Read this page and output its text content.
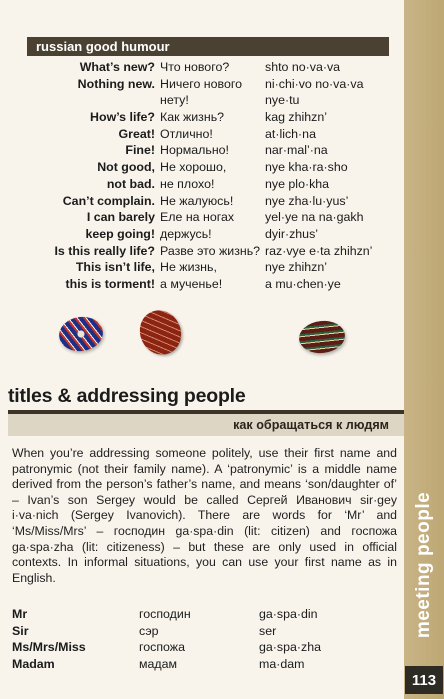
meeting people
113
russian good humour
What’s new? Что нового?	shto no·va·va
Nothing new. Ничего нового	ni·chi·vo no·va·va
нету!	nye·tu
How’s life? Как жизнь?	kag zhihzn’
Great! Отлично!	at·lich·na
Fine! Нормально!	nar·mal’·na
Not good, Не хорошо,	nye kha·ra·sho
not bad. не плохо!	nye plo·kha
Can’t complain. Не жалуюсь!	nye zha·lu·yus’
I can barely Еле на ногах	yel·ye na na·gakh
keep going! держусь!	dyir·zhus’
Is this really life? Разве это жизнь? raz·vye e·ta zhihzn’
This isn’t life, Не жизнь,	nye zhihzn’
this is torment! а мученье!	a mu·chen·ye
titles & addressing people
как обращаться к людям

When you’re addressing someone politely, use their first name and patronymic (not their family name). A ‘patronymic’ is a middle name derived from the person’s father’s name, and means ‘son/daughter of’ – Ivan’s son Sergey would be called Сергей Иванович sir·gey i·va·nich (Sergey Ivanovich). There are words for ‘Mr’ and ‘Ms/Miss/Mrs’ – господин ga·spa·din (lit: citizen) and госпожа ga·spa·zha (lit: citizeness) – but these are only used in official contexts. In informal situations, you can use your first name as in English.

Mr	господин	ga·spa·din
Sir	сэр	ser
Ms/Mrs/Miss	госпожа	ga·spa·zha
Madam	мадам	ma·dam
